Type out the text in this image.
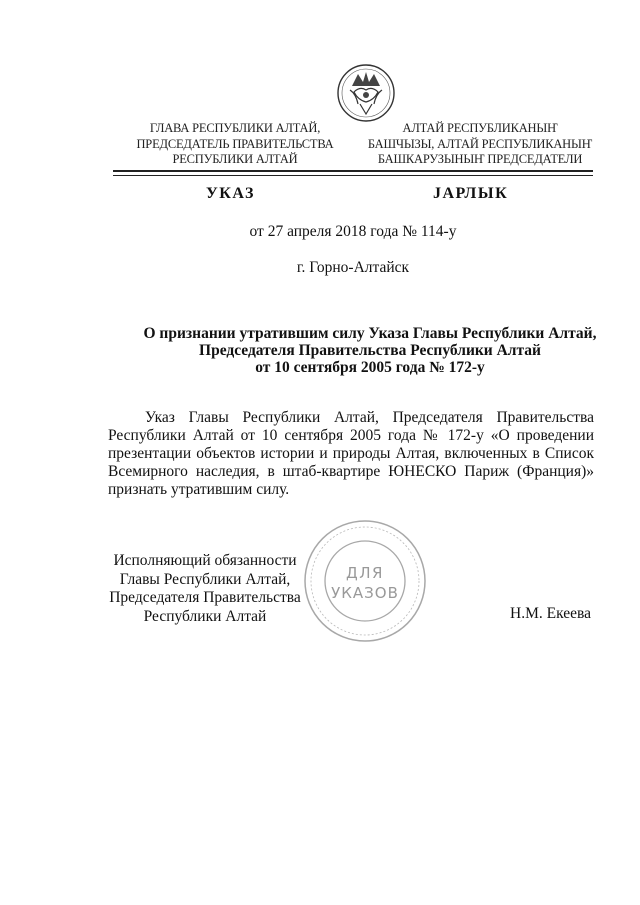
ГЛАВА РЕСПУБЛИКИ АЛТАЙ,
ПРЕДСЕДАТЕЛЬ ПРАВИТЕЛЬСТВА
РЕСПУБЛИКИ АЛТАЙ
АЛТАЙ РЕСПУБЛИКАНЫҤ
БАШЧЫЗЫ, АЛТАЙ РЕСПУБЛИКАНЫҤ
БАШКАРУЗЫНЫҤ ПРЕДСЕДАТЕЛИ
УКАЗ	JАРЛЫК
от 27 апреля 2018 года № 114-у
г. Горно-Алтайск
О признании утратившим силу Указа Главы Республики Алтай,
Председателя Правительства Республики Алтай
от 10 сентября 2005 года № 172-у
Указ Главы Республики Алтай, Председателя Правительства Республики Алтай от 10 сентября 2005 года № 172-у «О проведении презентации объектов истории и природы Алтая, включенных в Список Всемирного наследия, в штаб-квартире ЮНЕСКО Париж (Франция)» признать утратившим силу.
ДЛЯ
УКАЗОВ
Исполняющий обязанности
Главы Республики Алтай,
Председателя Правительства
Республики Алтай	Н.М. Екеева
